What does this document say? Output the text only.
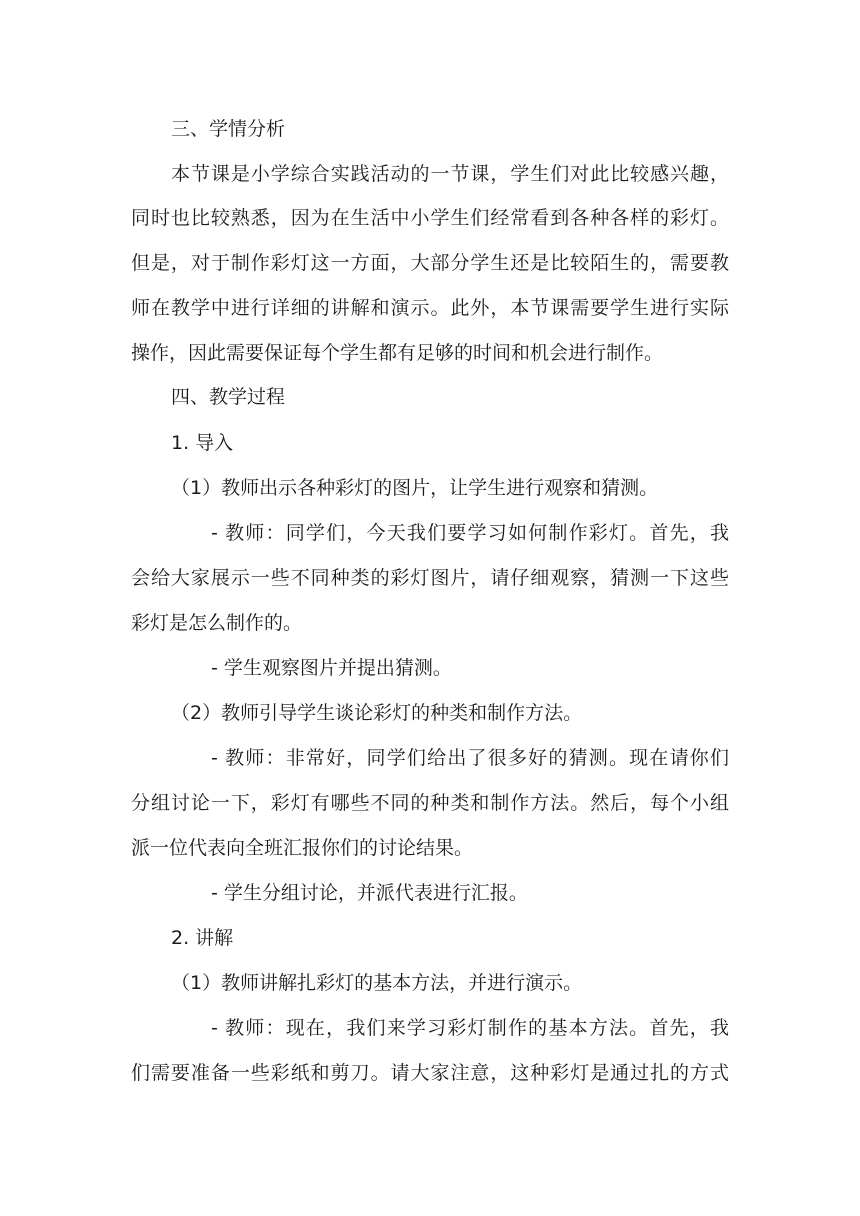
三、学情分析
本节课是小学综合实践活动的一节课，学生们对此比较感兴趣，
同时也比较熟悉，因为在生活中小学生们经常看到各种各样的彩灯。
但是，对于制作彩灯这一方面，大部分学生还是比较陌生的，需要教
师在教学中进行详细的讲解和演示。此外，本节课需要学生进行实际
操作，因此需要保证每个学生都有足够的时间和机会进行制作。
四、教学过程
1. 导入
（1）教师出示各种彩灯的图片，让学生进行观察和猜测。
- 教师：同学们，今天我们要学习如何制作彩灯。首先，我
会给大家展示一些不同种类的彩灯图片，请仔细观察，猜测一下这些
彩灯是怎么制作的。
- 学生观察图片并提出猜测。
（2）教师引导学生谈论彩灯的种类和制作方法。
- 教师：非常好，同学们给出了很多好的猜测。现在请你们
分组讨论一下，彩灯有哪些不同的种类和制作方法。然后，每个小组
派一位代表向全班汇报你们的讨论结果。
- 学生分组讨论，并派代表进行汇报。
2. 讲解
（1）教师讲解扎彩灯的基本方法，并进行演示。
- 教师：现在，我们来学习彩灯制作的基本方法。首先，我
们需要准备一些彩纸和剪刀。请大家注意，这种彩灯是通过扎的方式
